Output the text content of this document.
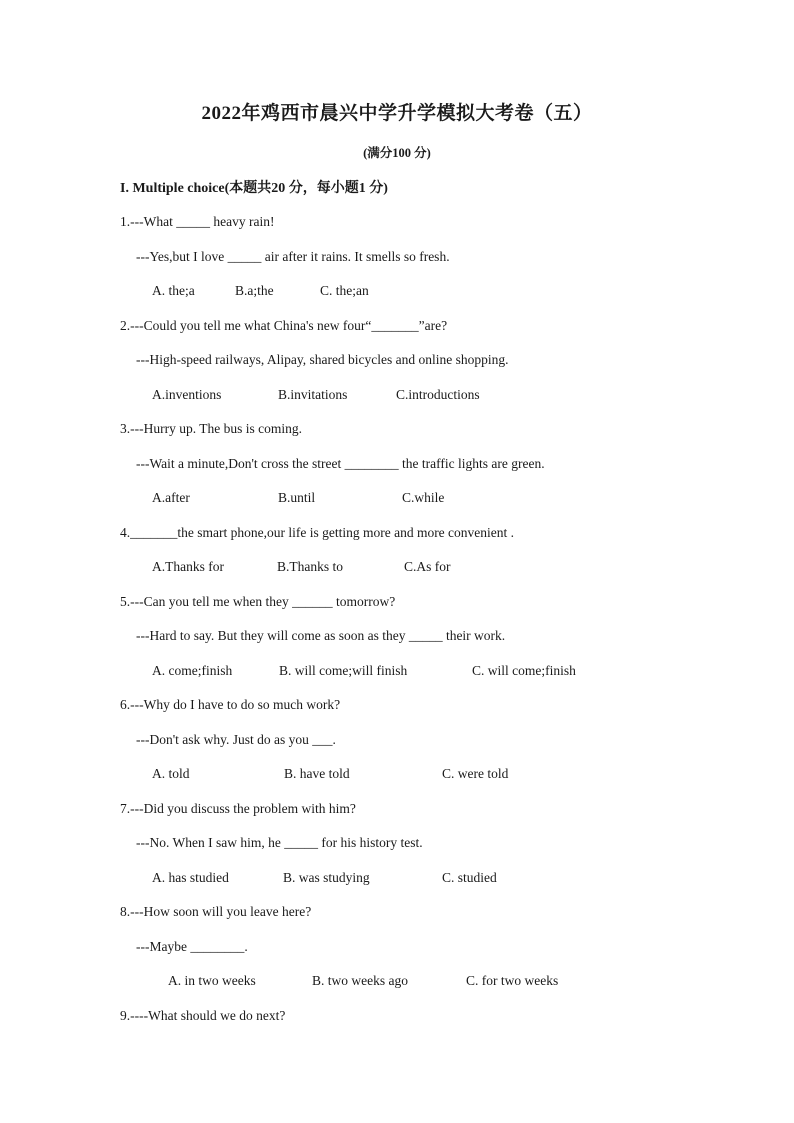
2022年鸡西市晨兴中学升学模拟大考卷（五）
(满分100 分)
I. Multiple choice(本题共20 分，每小题1 分)
1.---What _____ heavy rain!
---Yes,but I love _____ air after it rains. It smells so fresh.
A. the;a	B.a;the	C. the;an
2.---Could you tell me what China's new four“_______”are?
---High-speed railways, Alipay, shared bicycles and online shopping.
A.inventions	B.invitations	C.introductions
3.---Hurry up. The bus is coming.
---Wait a minute,Don't cross the street ________ the traffic lights are green.
A.after	B.until	C.while
4._______the smart phone,our life is getting more and more convenient .
A.Thanks for	B.Thanks to	C.As for
5.---Can you tell me when they ______ tomorrow?
---Hard to say. But they will come as soon as they _____ their work.
A. come;finish	B. will come;will finish	C. will come;finish
6.---Why do I have to do so much work?
---Don't ask why. Just do as you ___.
A. told	B. have told	C. were told
7.---Did you discuss the problem with him?
---No. When I saw him, he _____ for his history test.
A. has studied	B. was studying	C. studied
8.---How soon will you leave here?
---Maybe ________.
A. in two weeks	B. two weeks ago	C. for two weeks
9.----What should we do next?
